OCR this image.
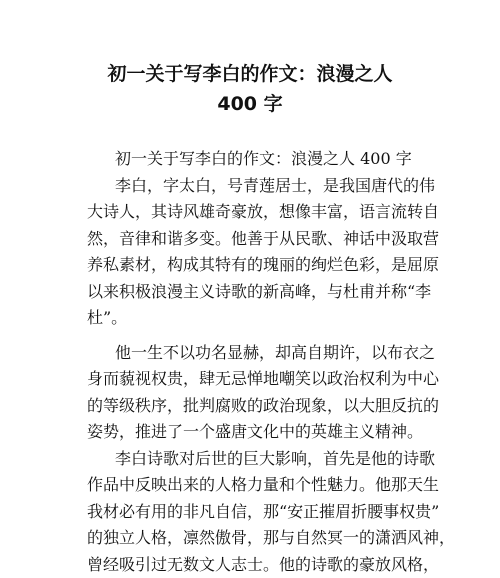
初一关于写李白的作文：浪漫之人
400 字
初一关于写李白的作文：浪漫之人 400 字
李白，字太白，号青莲居士，是我国唐代的伟
大诗人，其诗风雄奇豪放，想像丰富，语言流转自
然，音律和谐多变。他善于从民歌、神话中汲取营
养私素材，构成其特有的瑰丽的绚烂色彩，是屈原
以来积极浪漫主义诗歌的新高峰，与杜甫并称“李
杜”。
他一生不以功名显赫，却高自期许，以布衣之
身而藐视权贵，肆无忌惮地嘲笑以政治权利为中心
的等级秩序，批判腐败的政治现象，以大胆反抗的
姿势，推进了一个盛唐文化中的英雄主义精神。
李白诗歌对后世的巨大影响，首先是他的诗歌
作品中反映出来的人格力量和个性魅力。他那天生
我材必有用的非凡自信，那“安正摧眉折腰事权贵”
的独立人格，凛然傲骨，那与自然冥一的潇洒风神，
曾经吸引过无数文人志士。他的诗歌的豪放风格，
